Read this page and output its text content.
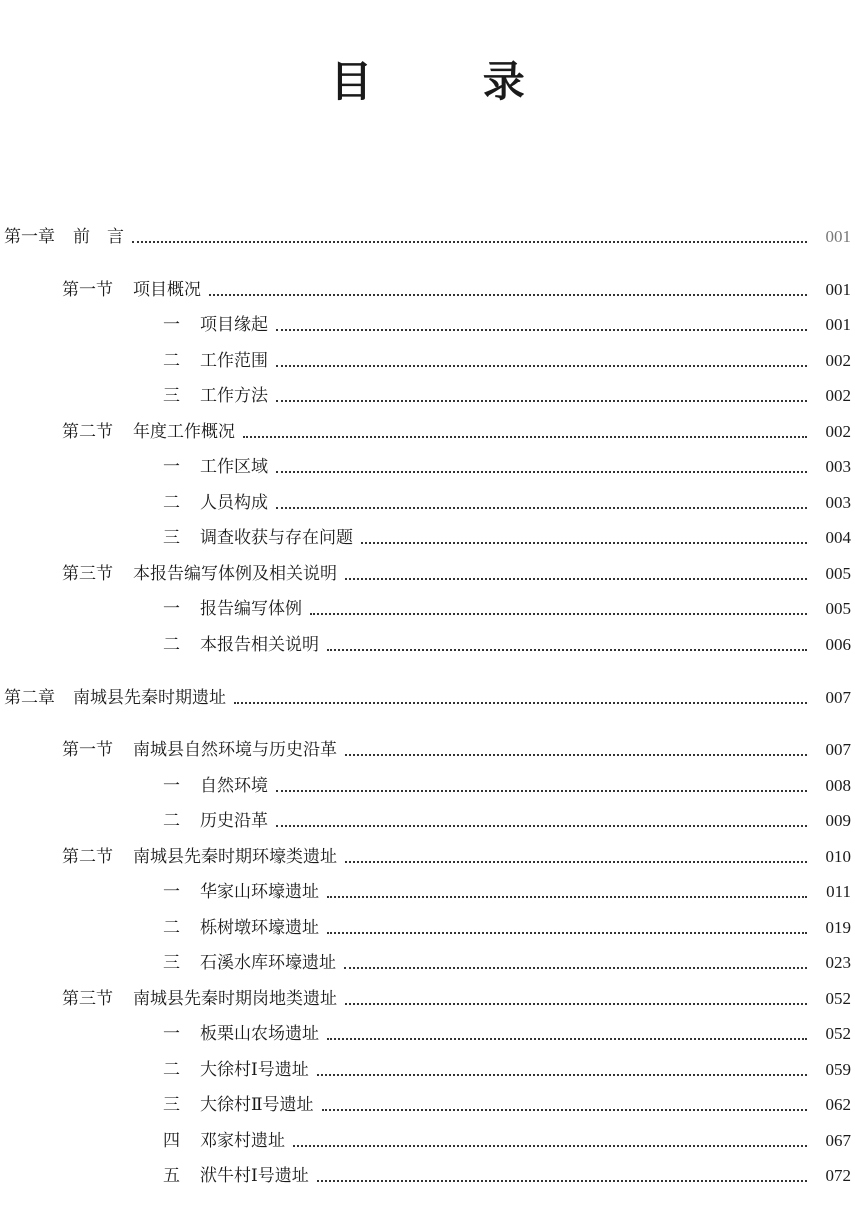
目 录
第一章 前　言	001
第一节 项目概况	001
一 项目缘起	001
二 工作范围	002
三 工作方法	002
第二节 年度工作概况	002
一 工作区域	003
二 人员构成	003
三 调查收获与存在问题	004
第三节 本报告编写体例及相关说明	005
一 报告编写体例	005
二 本报告相关说明	006
第二章 南城县先秦时期遗址	007
第一节 南城县自然环境与历史沿革	007
一 自然环境	008
二 历史沿革	009
第二节 南城县先秦时期环壕类遗址	010
一 华家山环壕遗址	011
二 栎树墩环壕遗址	019
三 石溪水库环壕遗址	023
第三节 南城县先秦时期岗地类遗址	052
一 板栗山农场遗址	052
二 大徐村Ⅰ号遗址	059
三 大徐村Ⅱ号遗址	062
四 邓家村遗址	067
五 洑牛村Ⅰ号遗址	072
